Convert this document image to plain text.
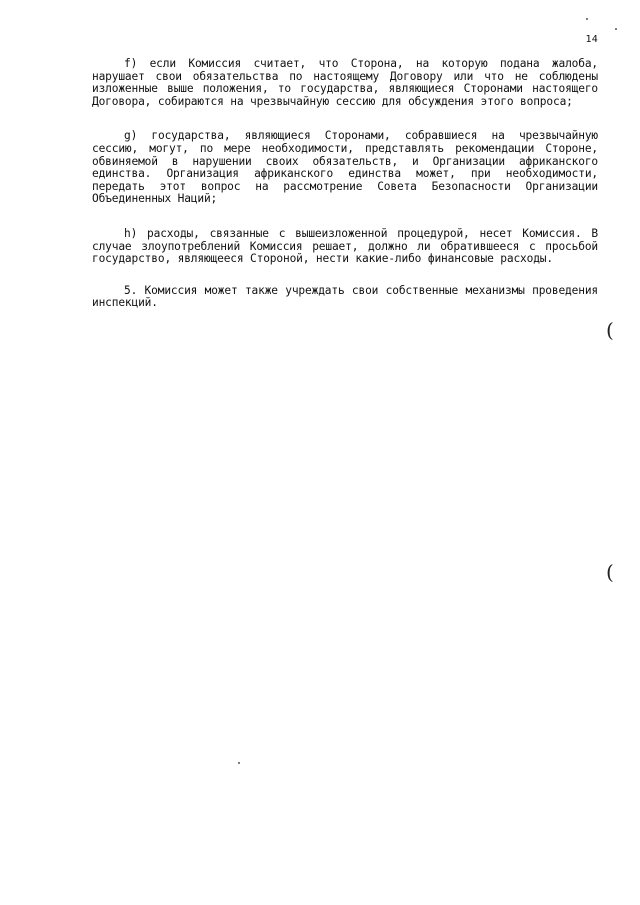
14

f) если Комиссия считает, что Сторона, на которую подана жалоба, нарушает свои обязательства по настоящему Договору или что не соблюдены изложенные выше положения, то государства, являющиеся Сторонами настоящего Договора, собираются на чрезвычайную сессию для обсуждения этого вопроса;

g) государства, являющиеся Сторонами, собравшиеся на чрезвычайную сессию, могут, по мере необходимости, представлять рекомендации Стороне, обвиняемой в нарушении своих обязательств, и Организации африканского единства. Организация африканского единства может, при необходимости, передать этот вопрос на рассмотрение Совета Безопасности Организации Объединенных Наций;

h) расходы, связанные с вышеизложенной процедурой, несет Комиссия. В случае злоупотреблений Комиссия решает, должно ли обратившееся с просьбой государство, являющееся Стороной, нести какие-либо финансовые расходы.

5. Комиссия может также учреждать свои собственные механизмы проведения инспекций.

(
(
